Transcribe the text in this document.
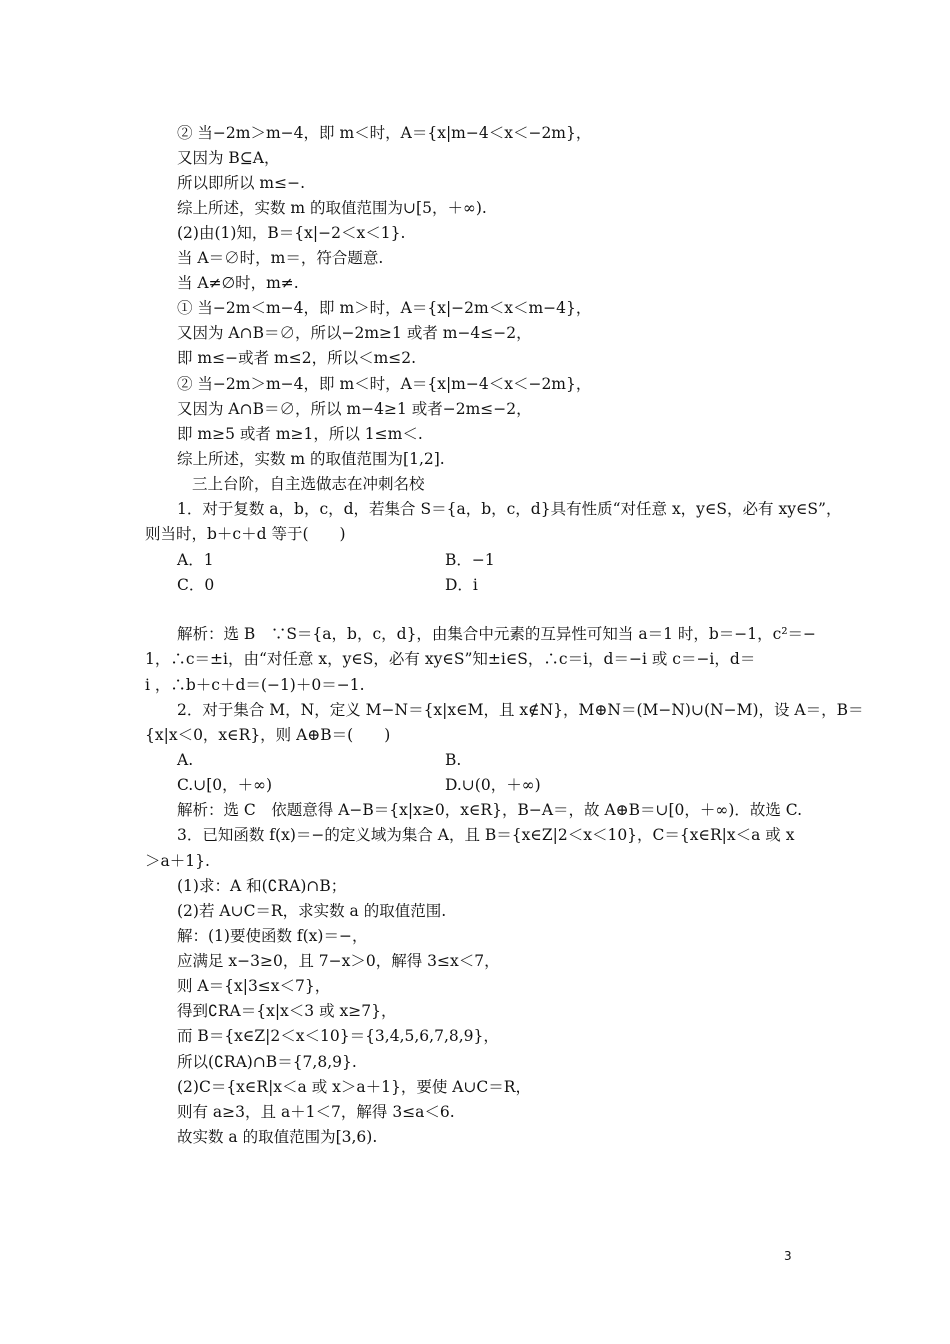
② 当−2m＞m−4，即 m＜时，A＝{x|m−4＜x＜−2m}，
又因为 B⊆A，
所以即所以 m≤−.
综上所述，实数 m 的取值范围为∪[5，＋∞).
(2)由(1)知，B＝{x|−2＜x＜1}.
当 A＝∅时，m＝，符合题意.
当 A≠∅时，m≠.
① 当−2m＜m−4，即 m＞时，A＝{x|−2m＜x＜m−4}，
又因为 A∩B＝∅，所以−2m≥1 或者 m−4≤−2，
即 m≤−或者 m≤2，所以＜m≤2.
② 当−2m＞m−4，即 m＜时，A＝{x|m−4＜x＜−2m}，
又因为 A∩B＝∅，所以 m−4≥1 或者−2m≤−2，
即 m≥5 或者 m≥1，所以 1≤m＜.
综上所述，实数 m 的取值范围为[1,2].
三上台阶，自主选做志在冲刺名校
1．对于复数 a，b，c，d，若集合 S＝{a，b，c，d}具有性质“对任意 x，y∈S，必有 xy∈S”，
则当时，b＋c＋d 等于(　　)
A．1	B．−1
C．0	D．i
解析：选 B　∵S＝{a，b，c，d}，由集合中元素的互异性可知当 a＝1 时，b＝−1，c²＝−
1，∴c＝±i，由“对任意 x，y∈S，必有 xy∈S”知±i∈S，∴c＝i，d＝−i 或 c＝−i，d＝
i ，∴b＋c＋d＝(−1)＋0＝−1.
2．对于集合 M，N，定义 M−N＝{x|x∈M，且 x∉N}，M⊕N＝(M−N)∪(N−M)，设 A＝，B＝
{x|x＜0，x∈R}，则 A⊕B＝(　　)
A.	B.
C.∪[0，＋∞)	D.∪(0，＋∞)
解析：选 C　依题意得 A−B＝{x|x≥0，x∈R}，B−A＝，故 A⊕B＝∪[0，＋∞)．故选 C.
3．已知函数 f(x)＝−的定义域为集合 A，且 B＝{x∈Z|2＜x＜10}，C＝{x∈R|x＜a 或 x
＞a＋1}.
(1)求：A 和(∁RA)∩B；
(2)若 A∪C＝R，求实数 a 的取值范围.
解：(1)要使函数 f(x)＝−，
应满足 x−3≥0，且 7−x＞0，解得 3≤x＜7，
则 A＝{x|3≤x＜7}，
得到∁RA＝{x|x＜3 或 x≥7}，
而 B＝{x∈Z|2＜x＜10}＝{3,4,5,6,7,8,9}，
所以(∁RA)∩B＝{7,8,9}.
(2)C＝{x∈R|x＜a 或 x＞a＋1}，要使 A∪C＝R，
则有 a≥3，且 a＋1＜7，解得 3≤a＜6.
故实数 a 的取值范围为[3,6).
3
